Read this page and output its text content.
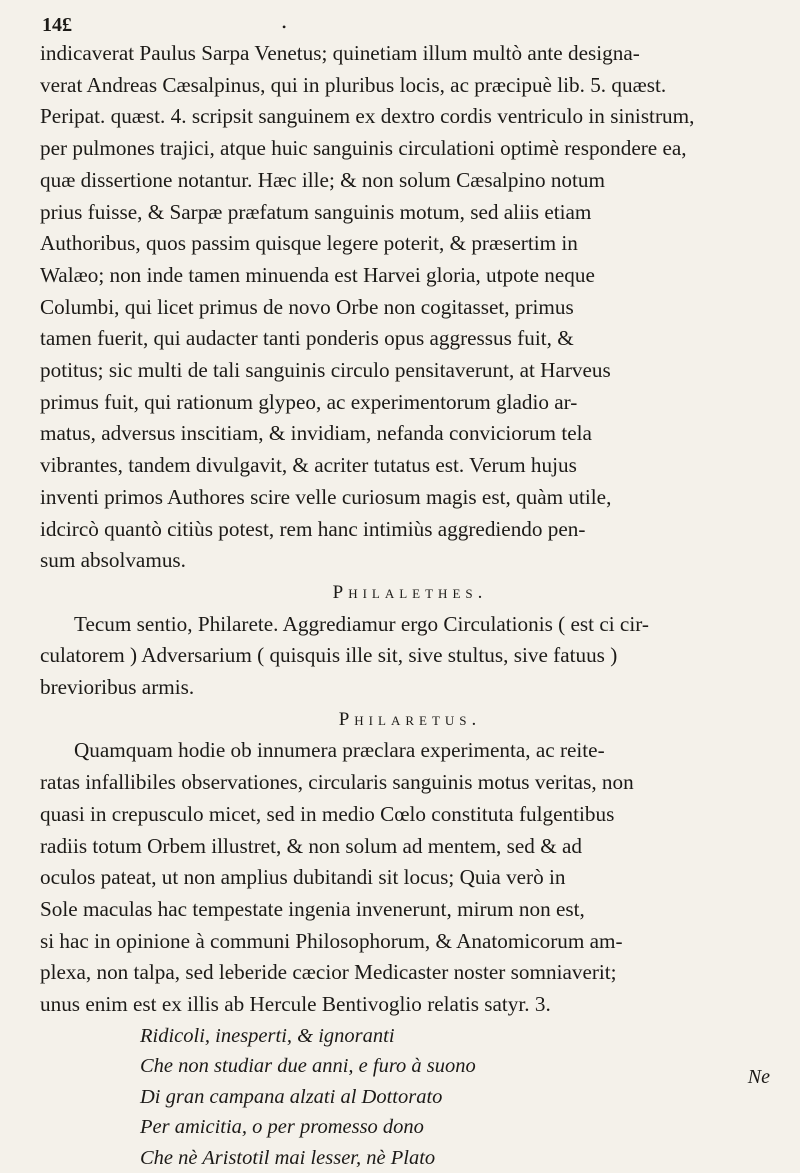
14£	•

indicaverat Paulus Sarpa Venetus; quinetiam illum multò ante designa-
verat Andreas Cæsalpinus, qui in pluribus locis, ac præcipuè lib. 5. quæst.
Peripat. quæst. 4. scripsit sanguinem ex dextro cordis ventriculo in sinistrum,
per pulmones trajici, atque huic sanguinis circulationi optimè respondere ea,
quæ dissertione notantur. Hæc ille; & non solum Cæsalpino notum
prius fuisse, & Sarpæ præfatum sanguinis motum, sed aliis etiam
Authoribus, quos passim quisque legere poterit, & præsertim in
Walæo; non inde tamen minuenda est Harvei gloria, utpote neque
Columbi, qui licet primus de novo Orbe non cogitasset, primus
tamen fuerit, qui audacter tanti ponderis opus aggressus fuit, &
potitus; sic multi de tali sanguinis circulo pensitaverunt, at Harveus
primus fuit, qui rationum glypeo, ac experimentorum gladio ar-
matus, adversus inscitiam, & invidiam, nefanda conviciorum tela
vibrantes, tandem divulgavit, & acriter tutatus est. Verum hujus
inventi primos Authores scire velle curiosum magis est, quàm utile,
idcircò quantò citiùs potest, rem hanc intimiùs aggrediendo pen-
sum absolvamus.

Philalethes.

Tecum sentio, Philarete. Aggrediamur ergo Circulationis ( est ci cir-
culatorem ) Adversarium ( quisquis ille sit, sive stultus, sive fatuus )
brevioribus armis.

Philaretus.

Quamquam hodie ob innumera præclara experimenta, ac reite-
ratas infallibiles observationes, circularis sanguinis motus veritas, non
quasi in crepusculo micet, sed in medio Cœlo constituta fulgentibus
radiis totum Orbem illustret, & non solum ad mentem, sed & ad
oculos pateat, ut non amplius dubitandi sit locus; Quia verò in
Sole maculas hac tempestate ingenia invenerunt, mirum non est,
si hac in opinione à communi Philosophorum, & Anatomicorum am-
plexa, non talpa, sed leberide cæcior Medicaster noster somniaverit;
unus enim est ex illis ab Hercule Bentivoglio relatis satyr. 3.

Ridicoli, inesperti, & ignoranti
Che non studiar due anni, e furo à suono
Di gran campana alzati al Dottorato
Per amicitia, o per promesso dono
Che nè Aristotil mai lesser, nè Plato
Ne
